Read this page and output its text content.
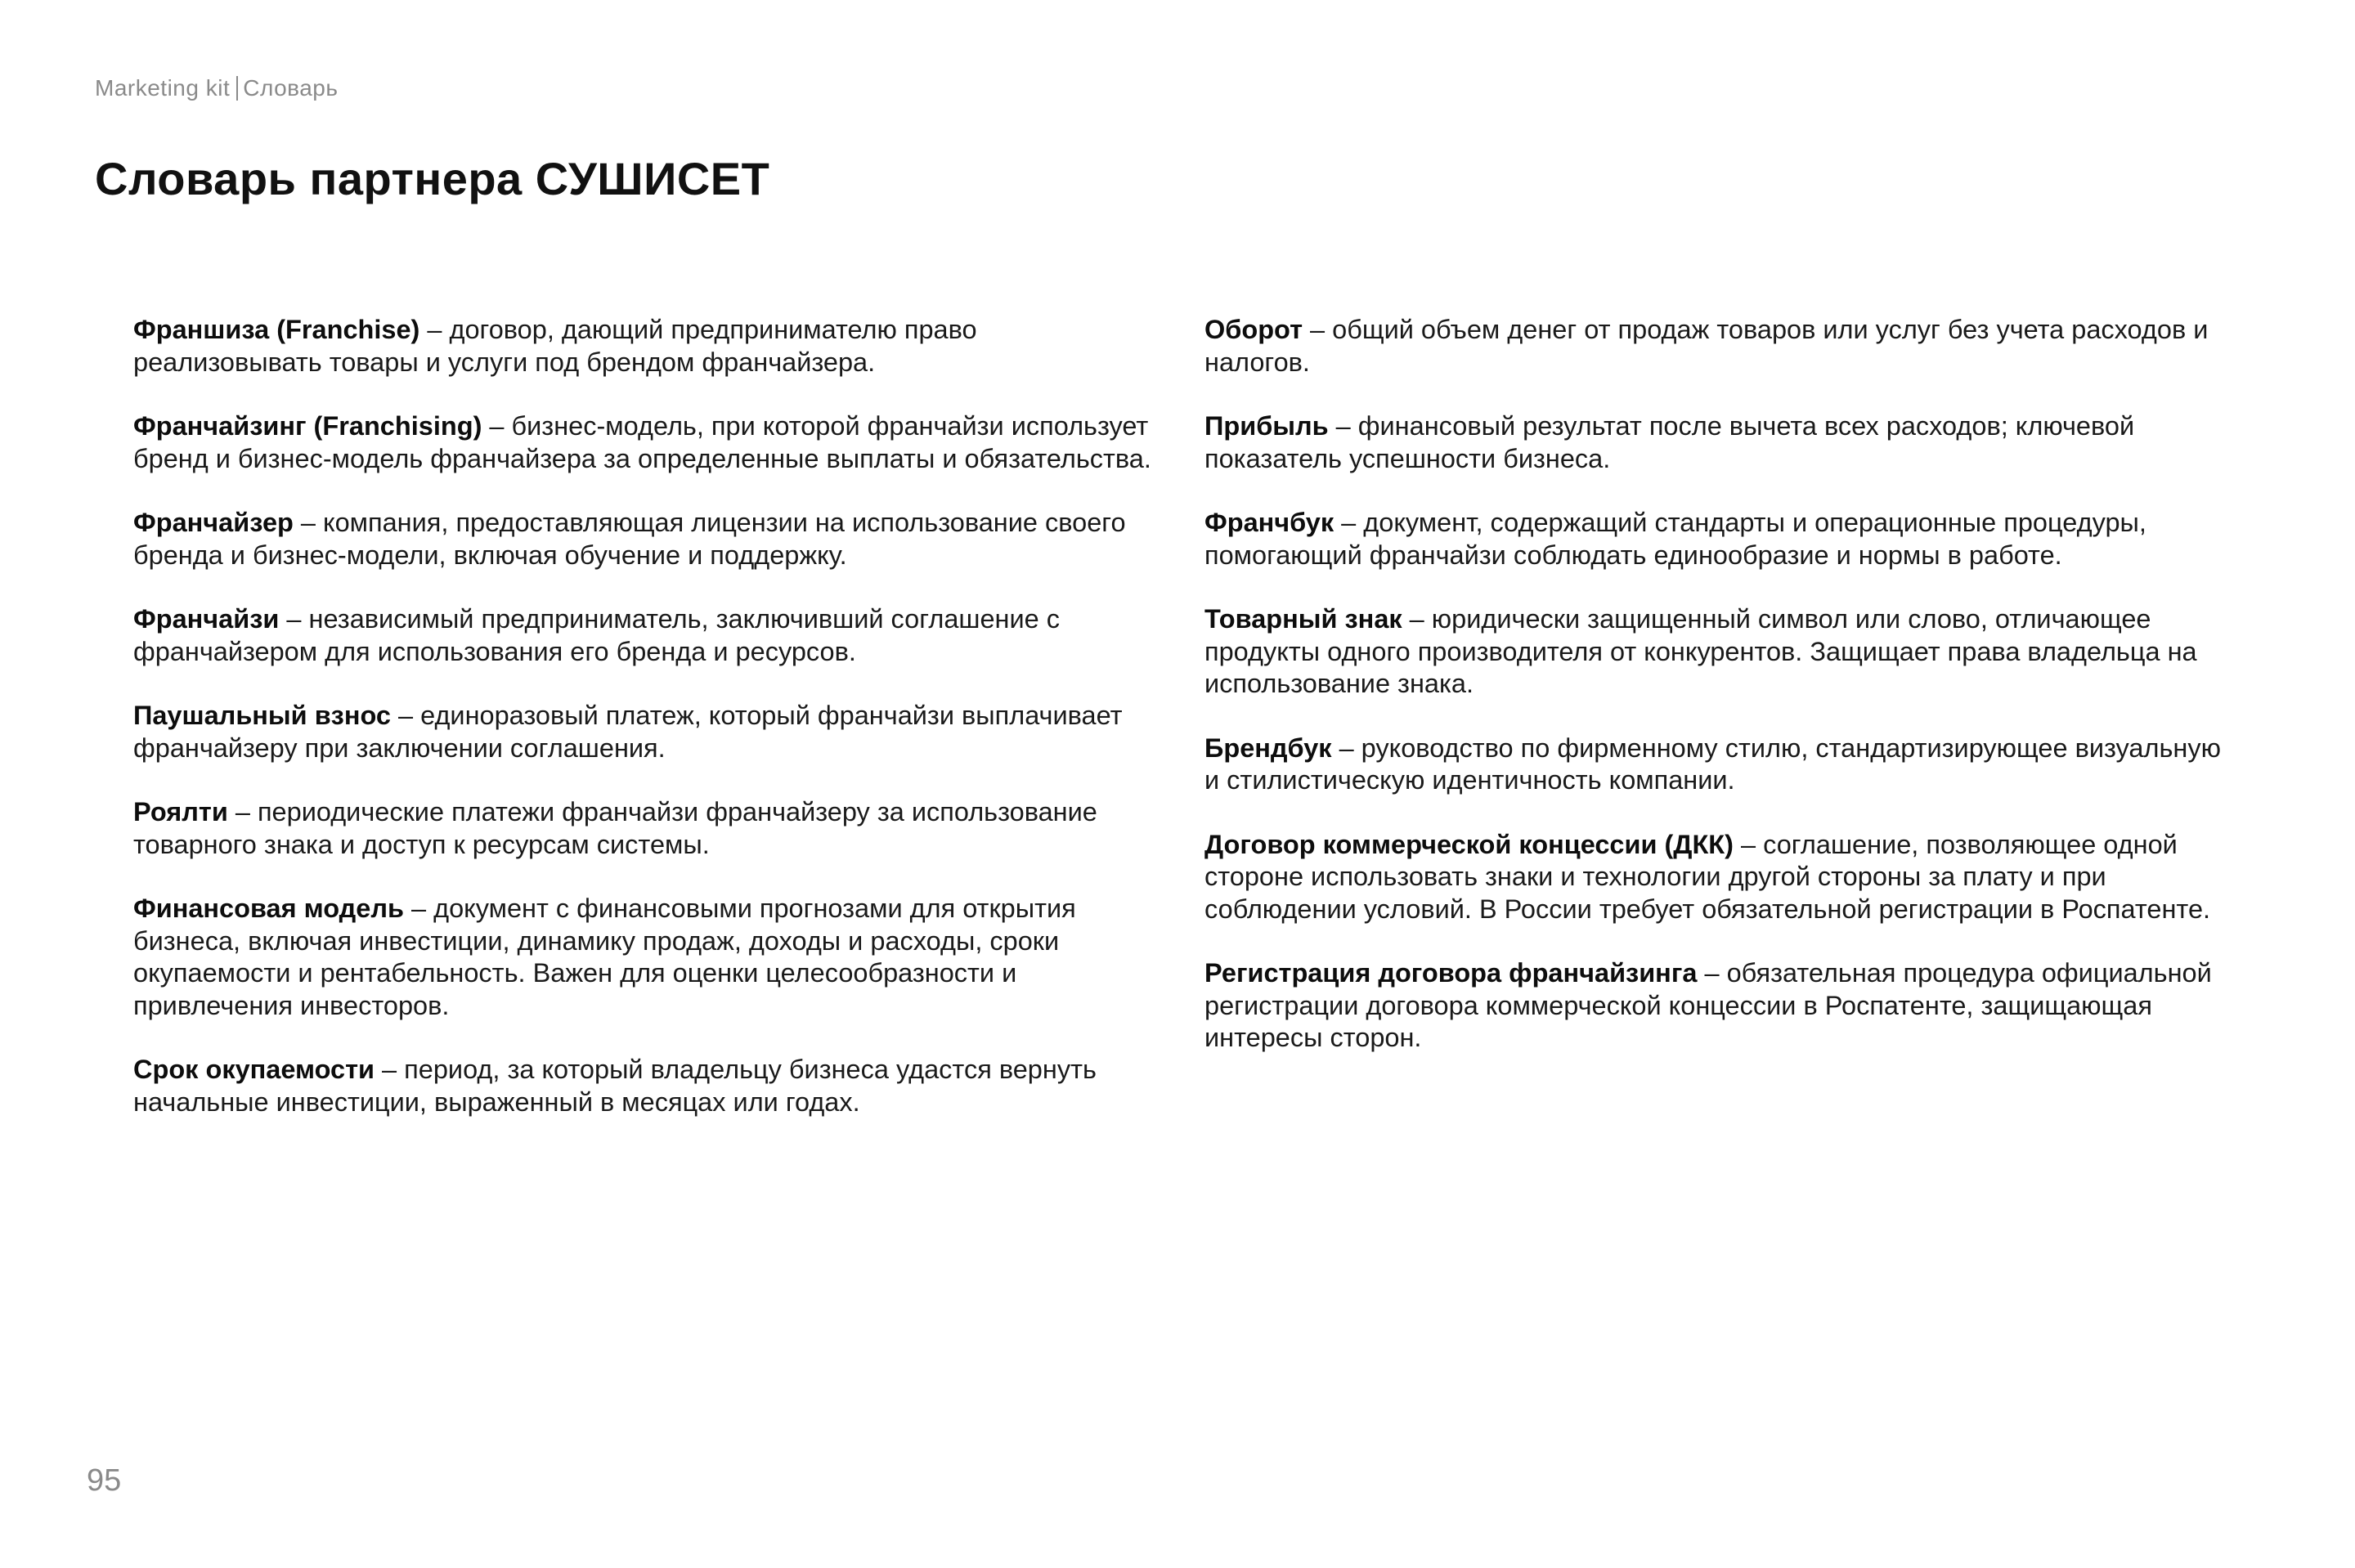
Marketing kit Словарь
Словарь партнера СУШИСЕТ

Франшиза (Franchise) – договор, дающий предпринимателю право реализовывать товары и услуги под брендом франчайзера.

Франчайзинг (Franchising) – бизнес-модель, при которой франчайзи использует бренд и бизнес-модель франчайзера за определенные выплаты и обязательства.

Франчайзер – компания, предоставляющая лицензии на использование своего бренда и бизнес-модели, включая обучение и поддержку.

Франчайзи – независимый предприниматель, заключивший соглашение с франчайзером для использования его бренда и ресурсов.

Паушальный взнос – единоразовый платеж, который франчайзи выплачивает франчайзеру при заключении соглашения.

Роялти – периодические платежи франчайзи франчайзеру за использование товарного знака и доступ к ресурсам системы.

Финансовая модель – документ с финансовыми прогнозами для открытия бизнеса, включая инвестиции, динамику продаж, доходы и расходы, сроки окупаемости и рентабельность. Важен для оценки целесообразности и привлечения инвесторов.

Срок окупаемости – период, за который владельцу бизнеса удастся вернуть начальные инвестиции, выраженный в месяцах или годах.

Оборот – общий объем денег от продаж товаров или услуг без учета расходов и налогов.

Прибыль – финансовый результат после вычета всех расходов; ключевой показатель успешности бизнеса.

Франчбук – документ, содержащий стандарты и операционные процедуры, помогающий франчайзи соблюдать единообразие и нормы в работе.

Товарный знак – юридически защищенный символ или слово, отличающее продукты одного производителя от конкурентов. Защищает права владельца на использование знака.

Брендбук – руководство по фирменному стилю, стандартизирующее визуальную и стилистическую идентичность компании.

Договор коммерческой концессии (ДКК) – соглашение, позволяющее одной стороне использовать знаки и технологии другой стороны за плату и при соблюдении условий. В России требует обязательной регистрации в Роспатенте.

Регистрация договора франчайзинга – обязательная процедура официальной регистрации договора коммерческой концессии в Роспатенте, защищающая интересы сторон.

95
